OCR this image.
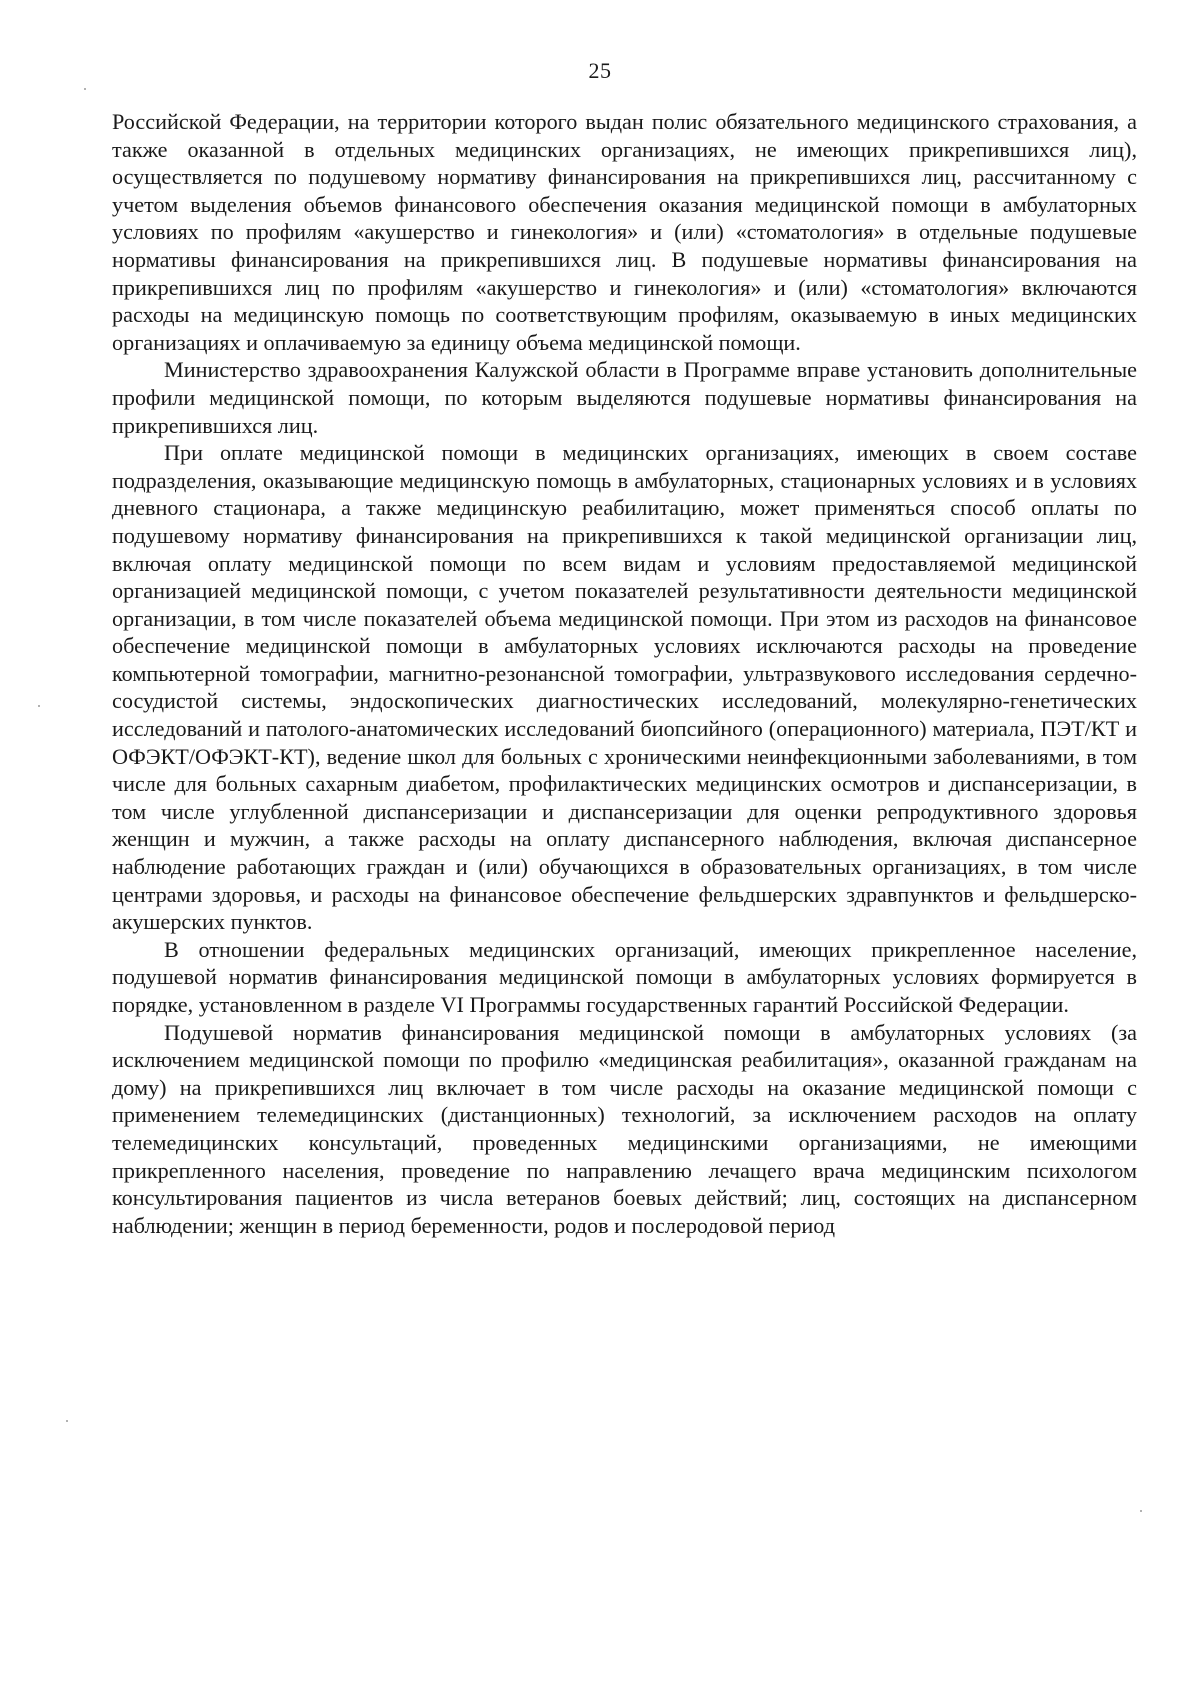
25

Российской Федерации, на территории которого выдан полис обязательного медицинского страхования, а также оказанной в отдельных медицинских организациях, не имеющих прикрепившихся лиц), осуществляется по подушевому нормативу финансирования на прикрепившихся лиц, рассчитанному с учетом выделения объемов финансового обеспечения оказания медицинской помощи в амбулаторных условиях по профилям «акушерство и гинекология» и (или) «стоматология» в отдельные подушевые нормативы финансирования на прикрепившихся лиц. В подушевые нормативы финансирования на прикрепившихся лиц по профилям «акушерство и гинекология» и (или) «стоматология» включаются расходы на медицинскую помощь по соответствующим профилям, оказываемую в иных медицинских организациях и оплачиваемую за единицу объема медицинской помощи.

Министерство здравоохранения Калужской области в Программе вправе установить дополнительные профили медицинской помощи, по которым выделяются подушевые нормативы финансирования на прикрепившихся лиц.

При оплате медицинской помощи в медицинских организациях, имеющих в своем составе подразделения, оказывающие медицинскую помощь в амбулаторных, стационарных условиях и в условиях дневного стационара, а также медицинскую реабилитацию, может применяться способ оплаты по подушевому нормативу финансирования на прикрепившихся к такой медицинской организации лиц, включая оплату медицинской помощи по всем видам и условиям предоставляемой медицинской организацией медицинской помощи, с учетом показателей результативности деятельности медицинской организации, в том числе показателей объема медицинской помощи. При этом из расходов на финансовое обеспечение медицинской помощи в амбулаторных условиях исключаются расходы на проведение компьютерной томографии, магнитно-резонансной томографии, ультразвукового исследования сердечно-сосудистой системы, эндоскопических диагностических исследований, молекулярно-генетических исследований и патолого-анатомических исследований биопсийного (операционного) материала, ПЭТ/КТ и ОФЭКТ/ОФЭКТ-КТ), ведение школ для больных с хроническими неинфекционными заболеваниями, в том числе для больных сахарным диабетом, профилактических медицинских осмотров и диспансеризации, в том числе углубленной диспансеризации и диспансеризации для оценки репродуктивного здоровья женщин и мужчин, а также расходы на оплату диспансерного наблюдения, включая диспансерное наблюдение работающих граждан и (или) обучающихся в образовательных организациях, в том числе центрами здоровья, и расходы на финансовое обеспечение фельдшерских здравпунктов и фельдшерско-акушерских пунктов.

В отношении федеральных медицинских организаций, имеющих прикрепленное население, подушевой норматив финансирования медицинской помощи в амбулаторных условиях формируется в порядке, установленном в разделе VI Программы государственных гарантий Российской Федерации.

Подушевой норматив финансирования медицинской помощи в амбулаторных условиях (за исключением медицинской помощи по профилю «медицинская реабилитация», оказанной гражданам на дому) на прикрепившихся лиц включает в том числе расходы на оказание медицинской помощи с применением телемедицинских (дистанционных) технологий, за исключением расходов на оплату телемедицинских консультаций, проведенных медицинскими организациями, не имеющими прикрепленного населения, проведение по направлению лечащего врача медицинским психологом консультирования пациентов из числа ветеранов боевых действий; лиц, состоящих на диспансерном наблюдении; женщин в период беременности, родов и послеродовой период
